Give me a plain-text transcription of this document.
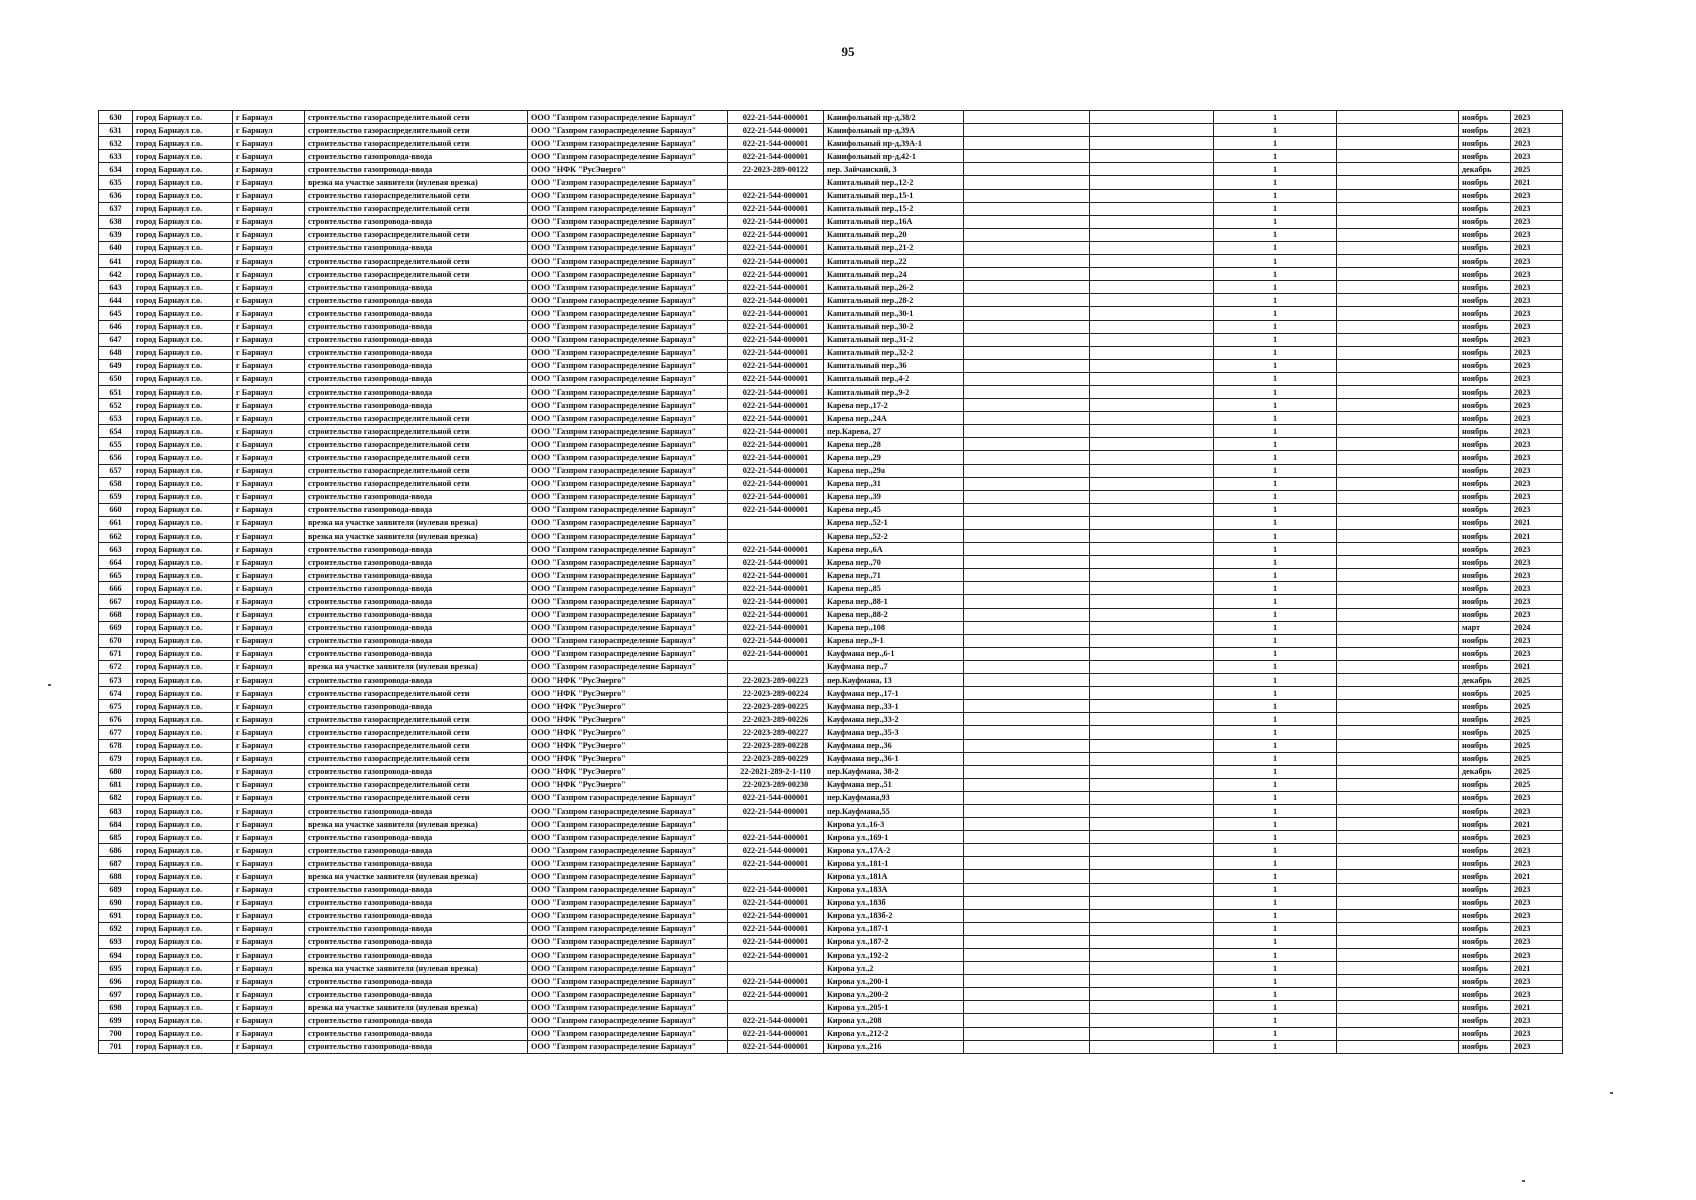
95
630	город Барнаул г.о.	г Барнаул	строительство газораспределительной сети	ООО "Газпром газораспределение Барнаул"	022-21-544-000001	Канифольный пр-д,38/2			1		ноябрь	2023
631	город Барнаул г.о.	г Барнаул	строительство газораспределительной сети	ООО "Газпром газораспределение Барнаул"	022-21-544-000001	Канифольный пр-д,39А			1		ноябрь	2023
632	город Барнаул г.о.	г Барнаул	строительство газораспределительной сети	ООО "Газпром газораспределение Барнаул"	022-21-544-000001	Канифольный пр-д,39А-1			1		ноябрь	2023
633	город Барнаул г.о.	г Барнаул	строительство газопровода-ввода	ООО "Газпром газораспределение Барнаул"	022-21-544-000001	Канифольный пр-д,42-1			1		ноябрь	2023
634	город Барнаул г.о.	г Барнаул	строительство газопровода-ввода	ООО "НФК "РусЭнерго"	22-2023-289-00122	пер. Зайчанский, 3			1		декабрь	2025
635	город Барнаул г.о.	г Барнаул	врезка на участке заявителя (нулевая врезка)	ООО "Газпром газораспределение Барнаул"		Капитальный пер.,12-2			1		ноябрь	2021
636	город Барнаул г.о.	г Барнаул	строительство газораспределительной сети	ООО "Газпром газораспределение Барнаул"	022-21-544-000001	Капитальный пер.,15-1			1		ноябрь	2023
637	город Барнаул г.о.	г Барнаул	строительство газораспределительной сети	ООО "Газпром газораспределение Барнаул"	022-21-544-000001	Капитальный пер.,15-2			1		ноябрь	2023
638	город Барнаул г.о.	г Барнаул	строительство газопровода-ввода	ООО "Газпром газораспределение Барнаул"	022-21-544-000001	Капитальный пер.,16А			1		ноябрь	2023
639	город Барнаул г.о.	г Барнаул	строительство газораспределительной сети	ООО "Газпром газораспределение Барнаул"	022-21-544-000001	Капитальный пер.,20			1		ноябрь	2023
640	город Барнаул г.о.	г Барнаул	строительство газопровода-ввода	ООО "Газпром газораспределение Барнаул"	022-21-544-000001	Капитальный пер.,21-2			1		ноябрь	2023
641	город Барнаул г.о.	г Барнаул	строительство газораспределительной сети	ООО "Газпром газораспределение Барнаул"	022-21-544-000001	Капитальный пер.,22			1		ноябрь	2023
642	город Барнаул г.о.	г Барнаул	строительство газораспределительной сети	ООО "Газпром газораспределение Барнаул"	022-21-544-000001	Капитальный пер.,24			1		ноябрь	2023
643	город Барнаул г.о.	г Барнаул	строительство газопровода-ввода	ООО "Газпром газораспределение Барнаул"	022-21-544-000001	Капитальный пер.,26-2			1		ноябрь	2023
644	город Барнаул г.о.	г Барнаул	строительство газопровода-ввода	ООО "Газпром газораспределение Барнаул"	022-21-544-000001	Капитальный пер.,28-2			1		ноябрь	2023
645	город Барнаул г.о.	г Барнаул	строительство газопровода-ввода	ООО "Газпром газораспределение Барнаул"	022-21-544-000001	Капитальный пер.,30-1			1		ноябрь	2023
646	город Барнаул г.о.	г Барнаул	строительство газопровода-ввода	ООО "Газпром газораспределение Барнаул"	022-21-544-000001	Капитальный пер.,30-2			1		ноябрь	2023
647	город Барнаул г.о.	г Барнаул	строительство газопровода-ввода	ООО "Газпром газораспределение Барнаул"	022-21-544-000001	Капитальный пер.,31-2			1		ноябрь	2023
648	город Барнаул г.о.	г Барнаул	строительство газопровода-ввода	ООО "Газпром газораспределение Барнаул"	022-21-544-000001	Капитальный пер.,32-2			1		ноябрь	2023
649	город Барнаул г.о.	г Барнаул	строительство газопровода-ввода	ООО "Газпром газораспределение Барнаул"	022-21-544-000001	Капитальный пер.,36			1		ноябрь	2023
650	город Барнаул г.о.	г Барнаул	строительство газопровода-ввода	ООО "Газпром газораспределение Барнаул"	022-21-544-000001	Капитальный пер.,4-2			1		ноябрь	2023
651	город Барнаул г.о.	г Барнаул	строительство газопровода-ввода	ООО "Газпром газораспределение Барнаул"	022-21-544-000001	Капитальный пер.,9-2			1		ноябрь	2023
652	город Барнаул г.о.	г Барнаул	строительство газопровода-ввода	ООО "Газпром газораспределение Барнаул"	022-21-544-000001	Карева пер.,17-2			1		ноябрь	2023
653	город Барнаул г.о.	г Барнаул	строительство газораспределительной сети	ООО "Газпром газораспределение Барнаул"	022-21-544-000001	Карева пер.,24А			1		ноябрь	2023
654	город Барнаул г.о.	г Барнаул	строительство газораспределительной сети	ООО "Газпром газораспределение Барнаул"	022-21-544-000001	пер.Карева, 27			1		ноябрь	2023
655	город Барнаул г.о.	г Барнаул	строительство газораспределительной сети	ООО "Газпром газораспределение Барнаул"	022-21-544-000001	Карева пер.,28			1		ноябрь	2023
656	город Барнаул г.о.	г Барнаул	строительство газораспределительной сети	ООО "Газпром газораспределение Барнаул"	022-21-544-000001	Карева пер.,29			1		ноябрь	2023
657	город Барнаул г.о.	г Барнаул	строительство газораспределительной сети	ООО "Газпром газораспределение Барнаул"	022-21-544-000001	Карева пер.,29а			1		ноябрь	2023
658	город Барнаул г.о.	г Барнаул	строительство газораспределительной сети	ООО "Газпром газораспределение Барнаул"	022-21-544-000001	Карева пер.,31			1		ноябрь	2023
659	город Барнаул г.о.	г Барнаул	строительство газопровода-ввода	ООО "Газпром газораспределение Барнаул"	022-21-544-000001	Карева пер.,39			1		ноябрь	2023
660	город Барнаул г.о.	г Барнаул	строительство газопровода-ввода	ООО "Газпром газораспределение Барнаул"	022-21-544-000001	Карева пер.,45			1		ноябрь	2023
661	город Барнаул г.о.	г Барнаул	врезка на участке заявителя (нулевая врезка)	ООО "Газпром газораспределение Барнаул"		Карева пер.,52-1			1		ноябрь	2021
662	город Барнаул г.о.	г Барнаул	врезка на участке заявителя (нулевая врезка)	ООО "Газпром газораспределение Барнаул"		Карева пер.,52-2			1		ноябрь	2021
663	город Барнаул г.о.	г Барнаул	строительство газопровода-ввода	ООО "Газпром газораспределение Барнаул"	022-21-544-000001	Карева пер.,6А			1		ноябрь	2023
664	город Барнаул г.о.	г Барнаул	строительство газопровода-ввода	ООО "Газпром газораспределение Барнаул"	022-21-544-000001	Карева пер.,70			1		ноябрь	2023
665	город Барнаул г.о.	г Барнаул	строительство газопровода-ввода	ООО "Газпром газораспределение Барнаул"	022-21-544-000001	Карева пер.,71			1		ноябрь	2023
666	город Барнаул г.о.	г Барнаул	строительство газопровода-ввода	ООО "Газпром газораспределение Барнаул"	022-21-544-000001	Карева пер.,85			1		ноябрь	2023
667	город Барнаул г.о.	г Барнаул	строительство газопровода-ввода	ООО "Газпром газораспределение Барнаул"	022-21-544-000001	Карева пер.,88-1			1		ноябрь	2023
668	город Барнаул г.о.	г Барнаул	строительство газопровода-ввода	ООО "Газпром газораспределение Барнаул"	022-21-544-000001	Карева пер.,88-2			1		ноябрь	2023
669	город Барнаул г.о.	г Барнаул	строительство газопровода-ввода	ООО "Газпром газораспределение Барнаул"	022-21-544-000001	Карева пер.,108			1		март	2024
670	город Барнаул г.о.	г Барнаул	строительство газопровода-ввода	ООО "Газпром газораспределение Барнаул"	022-21-544-000001	Карева пер.,9-1			1		ноябрь	2023
671	город Барнаул г.о.	г Барнаул	строительство газопровода-ввода	ООО "Газпром газораспределение Барнаул"	022-21-544-000001	Кауфмана пер.,6-1			1		ноябрь	2023
672	город Барнаул г.о.	г Барнаул	врезка на участке заявителя (нулевая врезка)	ООО "Газпром газораспределение Барнаул"		Кауфмана пер.,7			1		ноябрь	2021
673	город Барнаул г.о.	г Барнаул	строительство газопровода-ввода	ООО "НФК "РусЭнерго"	22-2023-289-00223	пер.Кауфмана, 13			1		декабрь	2025
674	город Барнаул г.о.	г Барнаул	строительство газораспределительной сети	ООО "НФК "РусЭнерго"	22-2023-289-00224	Кауфмана пер.,17-1			1		ноябрь	2025
675	город Барнаул г.о.	г Барнаул	строительство газопровода-ввода	ООО "НФК "РусЭнерго"	22-2023-289-00225	Кауфмана пер.,33-1			1		ноябрь	2025
676	город Барнаул г.о.	г Барнаул	строительство газораспределительной сети	ООО "НФК "РусЭнерго"	22-2023-289-00226	Кауфмана пер.,33-2			1		ноябрь	2025
677	город Барнаул г.о.	г Барнаул	строительство газораспределительной сети	ООО "НФК "РусЭнерго"	22-2023-289-00227	Кауфмана пер.,35-3			1		ноябрь	2025
678	город Барнаул г.о.	г Барнаул	строительство газораспределительной сети	ООО "НФК "РусЭнерго"	22-2023-289-00228	Кауфмана пер.,36			1		ноябрь	2025
679	город Барнаул г.о.	г Барнаул	строительство газораспределительной сети	ООО "НФК "РусЭнерго"	22-2023-289-00229	Кауфмана пер.,36-1			1		ноябрь	2025
680	город Барнаул г.о.	г Барнаул	строительство газопровода-ввода	ООО "НФК "РусЭнерго"	22-2021-289-2-1-110	пер.Кауфмана, 38-2			1		декабрь	2025
681	город Барнаул г.о.	г Барнаул	строительство газораспределительной сети	ООО "НФК "РусЭнерго"	22-2023-289-00230	Кауфмана пер.,51			1		ноябрь	2025
682	город Барнаул г.о.	г Барнаул	строительство газораспределительной сети	ООО "Газпром газораспределение Барнаул"	022-21-544-000001	пер.Кауфмана,93			1		ноябрь	2023
683	город Барнаул г.о.	г Барнаул	строительство газопровода-ввода	ООО "Газпром газораспределение Барнаул"	022-21-544-000001	пер.Кауфмана,55			1		ноябрь	2023
684	город Барнаул г.о.	г Барнаул	врезка на участке заявителя (нулевая врезка)	ООО "Газпром газораспределение Барнаул"		Кирова ул.,16-3			1		ноябрь	2021
685	город Барнаул г.о.	г Барнаул	строительство газопровода-ввода	ООО "Газпром газораспределение Барнаул"	022-21-544-000001	Кирова ул.,169-1			1		ноябрь	2023
686	город Барнаул г.о.	г Барнаул	строительство газопровода-ввода	ООО "Газпром газораспределение Барнаул"	022-21-544-000001	Кирова ул.,17А-2			1		ноябрь	2023
687	город Барнаул г.о.	г Барнаул	строительство газопровода-ввода	ООО "Газпром газораспределение Барнаул"	022-21-544-000001	Кирова ул.,181-1			1		ноябрь	2023
688	город Барнаул г.о.	г Барнаул	врезка на участке заявителя (нулевая врезка)	ООО "Газпром газораспределение Барнаул"		Кирова ул.,181А			1		ноябрь	2021
689	город Барнаул г.о.	г Барнаул	строительство газопровода-ввода	ООО "Газпром газораспределение Барнаул"	022-21-544-000001	Кирова ул.,183А			1		ноябрь	2023
690	город Барнаул г.о.	г Барнаул	строительство газопровода-ввода	ООО "Газпром газораспределение Барнаул"	022-21-544-000001	Кирова ул.,183б			1		ноябрь	2023
691	город Барнаул г.о.	г Барнаул	строительство газопровода-ввода	ООО "Газпром газораспределение Барнаул"	022-21-544-000001	Кирова ул.,183б-2			1		ноябрь	2023
692	город Барнаул г.о.	г Барнаул	строительство газопровода-ввода	ООО "Газпром газораспределение Барнаул"	022-21-544-000001	Кирова ул.,187-1			1		ноябрь	2023
693	город Барнаул г.о.	г Барнаул	строительство газопровода-ввода	ООО "Газпром газораспределение Барнаул"	022-21-544-000001	Кирова ул.,187-2			1		ноябрь	2023
694	город Барнаул г.о.	г Барнаул	строительство газопровода-ввода	ООО "Газпром газораспределение Барнаул"	022-21-544-000001	Кирова ул.,192-2			1		ноябрь	2023
695	город Барнаул г.о.	г Барнаул	врезка на участке заявителя (нулевая врезка)	ООО "Газпром газораспределение Барнаул"		Кирова ул.,2			1		ноябрь	2021
696	город Барнаул г.о.	г Барнаул	строительство газопровода-ввода	ООО "Газпром газораспределение Барнаул"	022-21-544-000001	Кирова ул.,200-1			1		ноябрь	2023
697	город Барнаул г.о.	г Барнаул	строительство газопровода-ввода	ООО "Газпром газораспределение Барнаул"	022-21-544-000001	Кирова ул.,200-2			1		ноябрь	2023
698	город Барнаул г.о.	г Барнаул	врезка на участке заявителя (нулевая врезка)	ООО "Газпром газораспределение Барнаул"		Кирова ул.,205-1			1		ноябрь	2021
699	город Барнаул г.о.	г Барнаул	строительство газопровода-ввода	ООО "Газпром газораспределение Барнаул"	022-21-544-000001	Кирова ул.,208			1		ноябрь	2023
700	город Барнаул г.о.	г Барнаул	строительство газопровода-ввода	ООО "Газпром газораспределение Барнаул"	022-21-544-000001	Кирова ул.,212-2			1		ноябрь	2023
701	город Барнаул г.о.	г Барнаул	строительство газопровода-ввода	ООО "Газпром газораспределение Барнаул"	022-21-544-000001	Кирова ул.,216			1		ноябрь	2023
